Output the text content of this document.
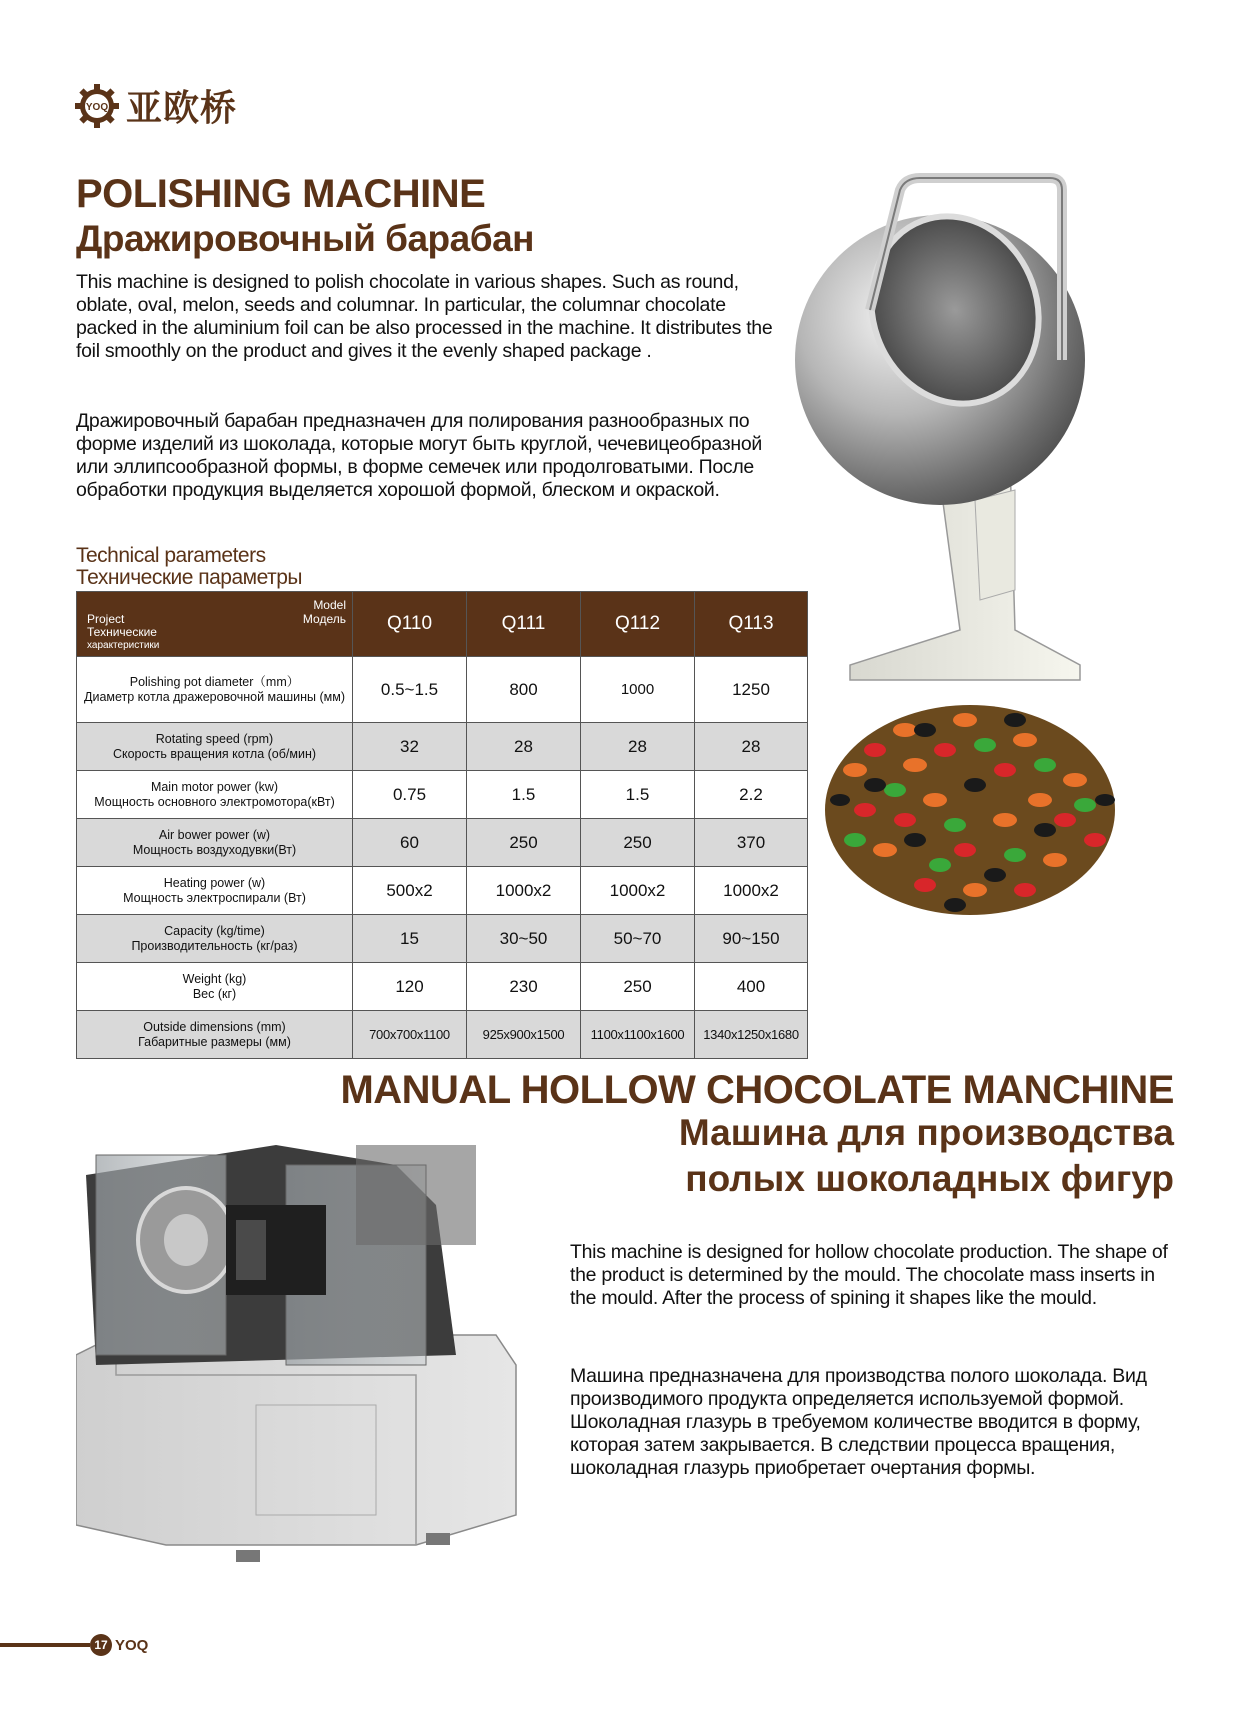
YOQ 亚欧桥
POLISHING MACHINE
Дражировочный барабан
This machine is designed to polish chocolate in various shapes. Such as round, oblate, oval, melon, seeds and columnar. In particular, the columnar chocolate packed in the aluminium foil can be also processed in the machine. It distributes the foil smoothly on the product and gives it the evenly shaped package .
Дражировочный барабан предназначен для полирования разнообразных по форме изделий из шоколада, которые могут быть круглой, чечевицеобразной или эллипсообразной формы, в форме семечек или продолговатыми. После обработки продукция выделяется хорошой формой, блеском и окраской.
Technical parameters
Технические параметры
Model
Модель
Project
Технические
характеристики	Q110	Q111	Q112	Q113

Polishing pot diameter（mm）
Диаметр котла дражеровочной машины (мм)	0.5~1.5	800	1000	1250

Rotating speed (rpm)
Скорость вращения котла (об/мин)	32	28	28	28

Main motor power (kw)
Мощность основного электромотора(кВт)	0.75	1.5	1.5	2.2

Air bower power (w)
Мощность воздуходувки(Вт)	60	250	250	370

Heating power (w)
Мощность электроспирали (Вт)	500x2	1000x2	1000x2	1000x2

Capacity (kg/time)
Производительность (кг/раз)	15	30~50	50~70	90~150

Weight (kg)
Вес (кг)	120	230	250	400

Outside dimensions (mm)
Габаритные размеры (мм)	700x700x1100	925x900x1500	1100x1100x1600	1340x1250x1680
MANUAL HOLLOW CHOCOLATE MANCHINE
Машина для производства
полых шоколадных фигур
This machine is designed for hollow chocolate production. The shape of the product is determined by the mould. The chocolate mass inserts in the mould. After the process of spining it shapes like the mould.
Машина предназначена для производства полого шоколада. Вид производимого продукта определяется используемой формой. Шоколадная глазурь в требуемом количестве вводится в форму, которая затем закрывается. В следствии процесса вращения, шоколадная глазурь приобретает очертания формы.
17 YOQ
